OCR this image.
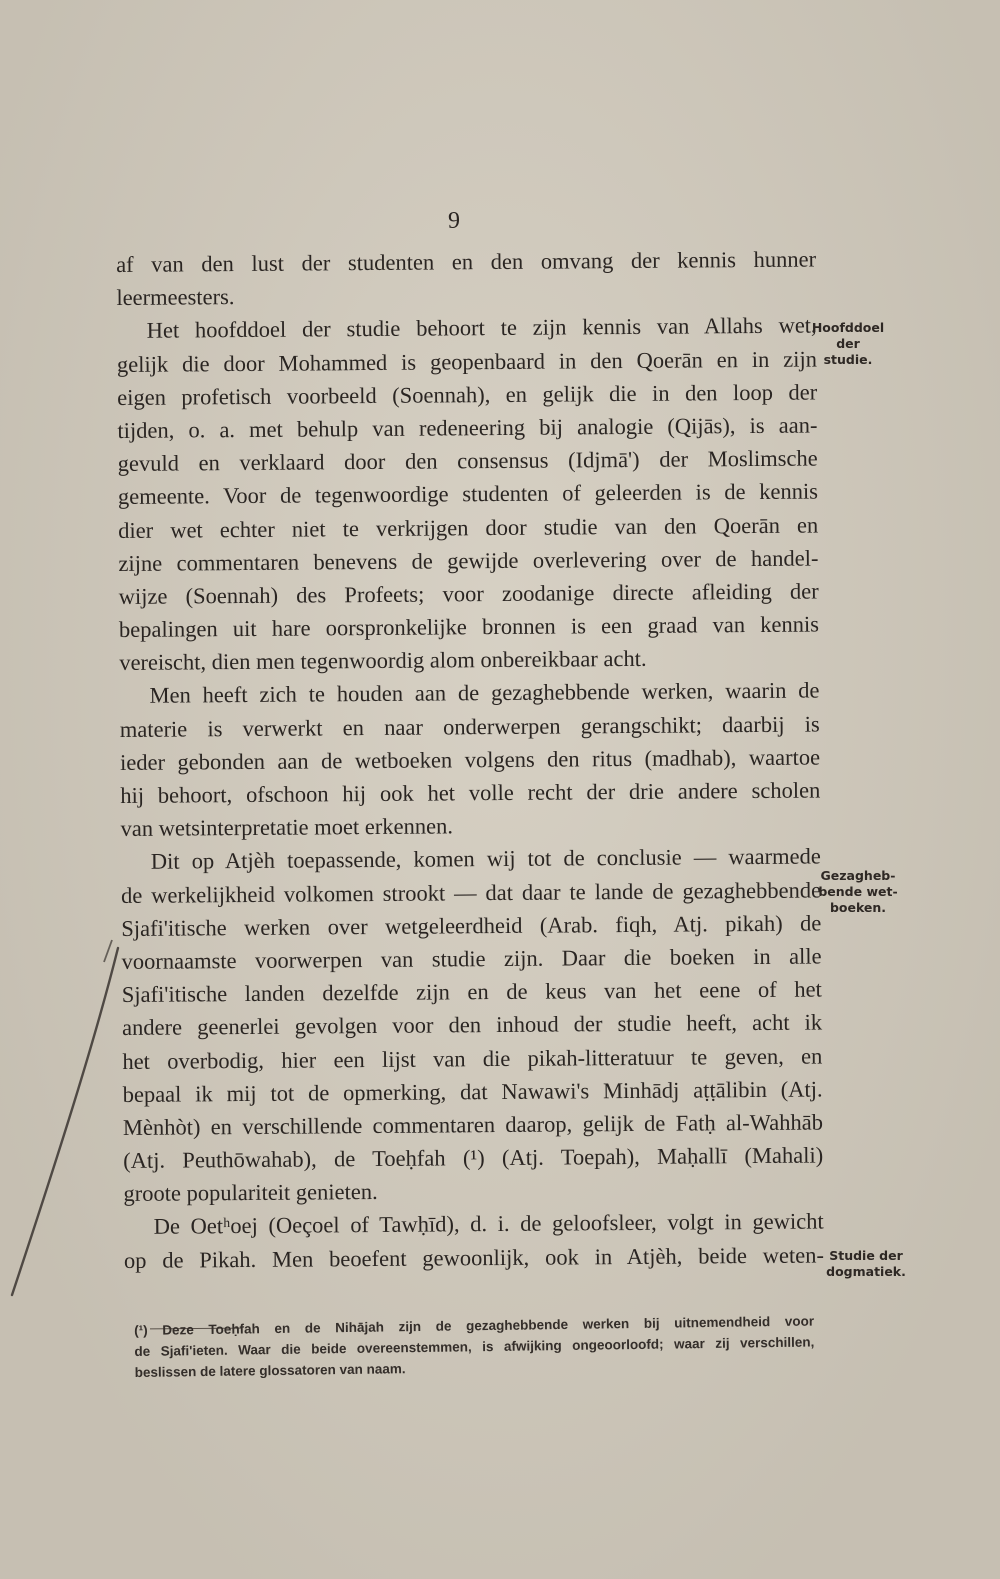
9
af van den lust der studenten en den omvang der kennis hunner
leermeesters.
Het hoofddoel der studie behoort te zijn kennis van Allahs wet,
gelijk die door Mohammed is geopenbaard in den Qoerān en in zijn
eigen profetisch voorbeeld (Soennah), en gelijk die in den loop der
tijden, o. a. met behulp van redeneering bij analogie (Qijās), is aan-
gevuld en verklaard door den consensus (Idjmā') der Moslimsche
gemeente. Voor de tegenwoordige studenten of geleerden is de kennis
dier wet echter niet te verkrijgen door studie van den Qoerān en
zijne commentaren benevens de gewijde overlevering over de handel-
wijze (Soennah) des Profeets; voor zoodanige directe afleiding der
bepalingen uit hare oorspronkelijke bronnen is een graad van kennis
vereischt, dien men tegenwoordig alom onbereikbaar acht.
Men heeft zich te houden aan de gezaghebbende werken, waarin de
materie is verwerkt en naar onderwerpen gerangschikt; daarbij is
ieder gebonden aan de wetboeken volgens den ritus (madhab), waartoe
hij behoort, ofschoon hij ook het volle recht der drie andere scholen
van wetsinterpretatie moet erkennen.
Dit op Atjèh toepassende, komen wij tot de conclusie — waarmede
de werkelijkheid volkomen strookt — dat daar te lande de gezaghebbende
Sjafi'itische werken over wetgeleerdheid (Arab. fiqh, Atj. pikah) de
voornaamste voorwerpen van studie zijn. Daar die boeken in alle
Sjafi'itische landen dezelfde zijn en de keus van het eene of het
andere geenerlei gevolgen voor den inhoud der studie heeft, acht ik
het overbodig, hier een lijst van die pikah-litteratuur te geven, en
bepaal ik mij tot de opmerking, dat Nawawi's Minhādj aṭṭālibin (Atj.
Mènhòt) en verschillende commentaren daarop, gelijk de Fatḥ al-Wahhāb
(Atj. Peuthōwahab), de Toeḥfah (¹) (Atj. Toepah), Maḥallī (Mahali)
groote populariteit genieten.
De Oetʰoej (Oeçoel of Tawḥīd), d. i. de geloofsleer, volgt in gewicht
op de Pikah. Men beoefent gewoonlijk, ook in Atjèh, beide weten-
(¹) Deze Toeḥfah en de Nihājah zijn de gezaghebbende werken bij uitnemendheid voor
de Sjafi'ieten. Waar die beide overeenstemmen, is afwijking ongeoorloofd; waar zij verschillen,
beslissen de latere glossatoren van naam.
Hoofddoel
der
studie.
Gezagheb-
bende wet-
boeken.
Studie der
dogmatiek.
